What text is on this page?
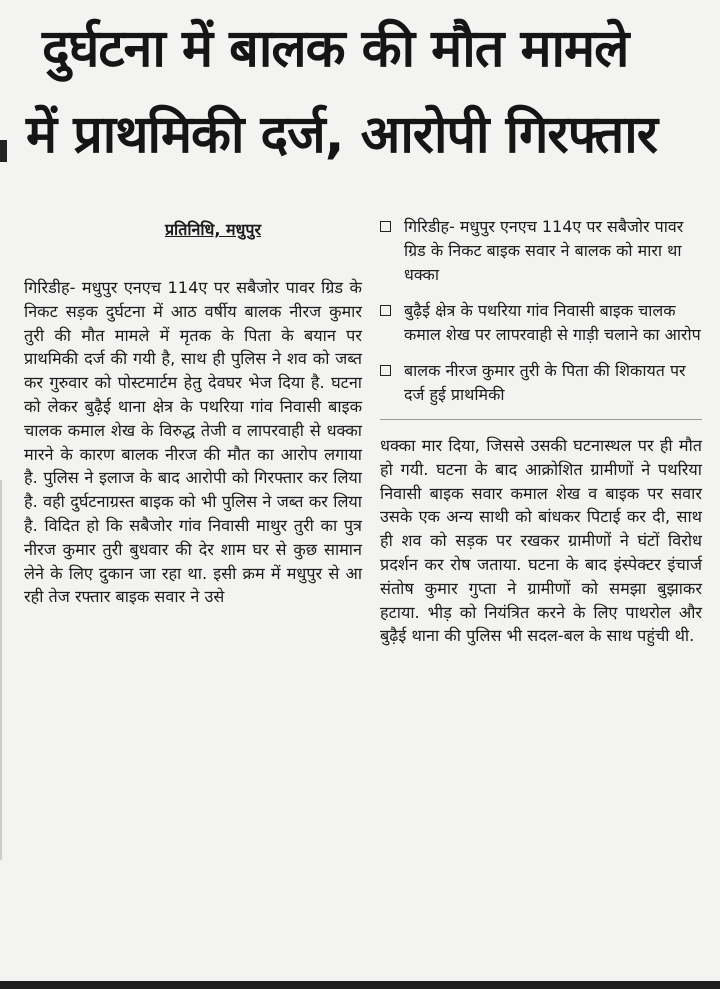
दुर्घटना में बालक की मौत मामले
में प्राथमिकी दर्ज, आरोपी गिरफ्तार
प्रतिनिधि, मधुपुर

गिरिडीह- मधुपुर एनएच 114ए पर सबैजोर पावर ग्रिड के निकट सड़क दुर्घटना में आठ वर्षीय बालक नीरज कुमार तुरी की मौत मामले में मृतक के पिता के बयान पर प्राथमिकी दर्ज की गयी है, साथ ही पुलिस ने शव को जब्त कर गुरुवार को पोस्टमार्टम हेतु देवघर भेज दिया है. घटना को लेकर बुढ़ैई थाना क्षेत्र के पथरिया गांव निवासी बाइक चालक कमाल शेख के विरुद्ध तेजी व लापरवाही से धक्का मारने के कारण बालक नीरज की मौत का आरोप लगाया है. पुलिस ने इलाज के बाद आरोपी को गिरफ्तार कर लिया है. वही दुर्घटनाग्रस्त बाइक को भी पुलिस ने जब्त कर लिया है. विदित हो कि सबैजोर गांव निवासी माथुर तुरी का पुत्र नीरज कुमार तुरी बुधवार की देर शाम घर से कुछ सामान लेने के लिए दुकान जा रहा था. इसी क्रम में मधुपुर से आ रही तेज रफ्तार बाइक सवार ने उसे

गिरिडीह- मधुपुर एनएच 114ए पर सबैजोर पावर ग्रिड के निकट बाइक सवार ने बालक को मारा था धक्का
बुढ़ैई क्षेत्र के पथरिया गांव निवासी बाइक चालक कमाल शेख पर लापरवाही से गाड़ी चलाने का आरोप
बालक नीरज कुमार तुरी के पिता की शिकायत पर दर्ज हुई प्राथमिकी

धक्का मार दिया, जिससे उसकी घटनास्थल पर ही मौत हो गयी. घटना के बाद आक्रोशित ग्रामीणों ने पथरिया निवासी बाइक सवार कमाल शेख व बाइक पर सवार उसके एक अन्य साथी को बांधकर पिटाई कर दी, साथ ही शव को सड़क पर रखकर ग्रामीणों ने घंटों विरोध प्रदर्शन कर रोष जताया. घटना के बाद इंस्पेक्टर इंचार्ज संतोष कुमार गुप्ता ने ग्रामीणों को समझा बुझाकर हटाया. भीड़ को नियंत्रित करने के लिए पाथरोल और बुढ़ैई थाना की पुलिस भी सदल-बल के साथ पहुंची थी.
